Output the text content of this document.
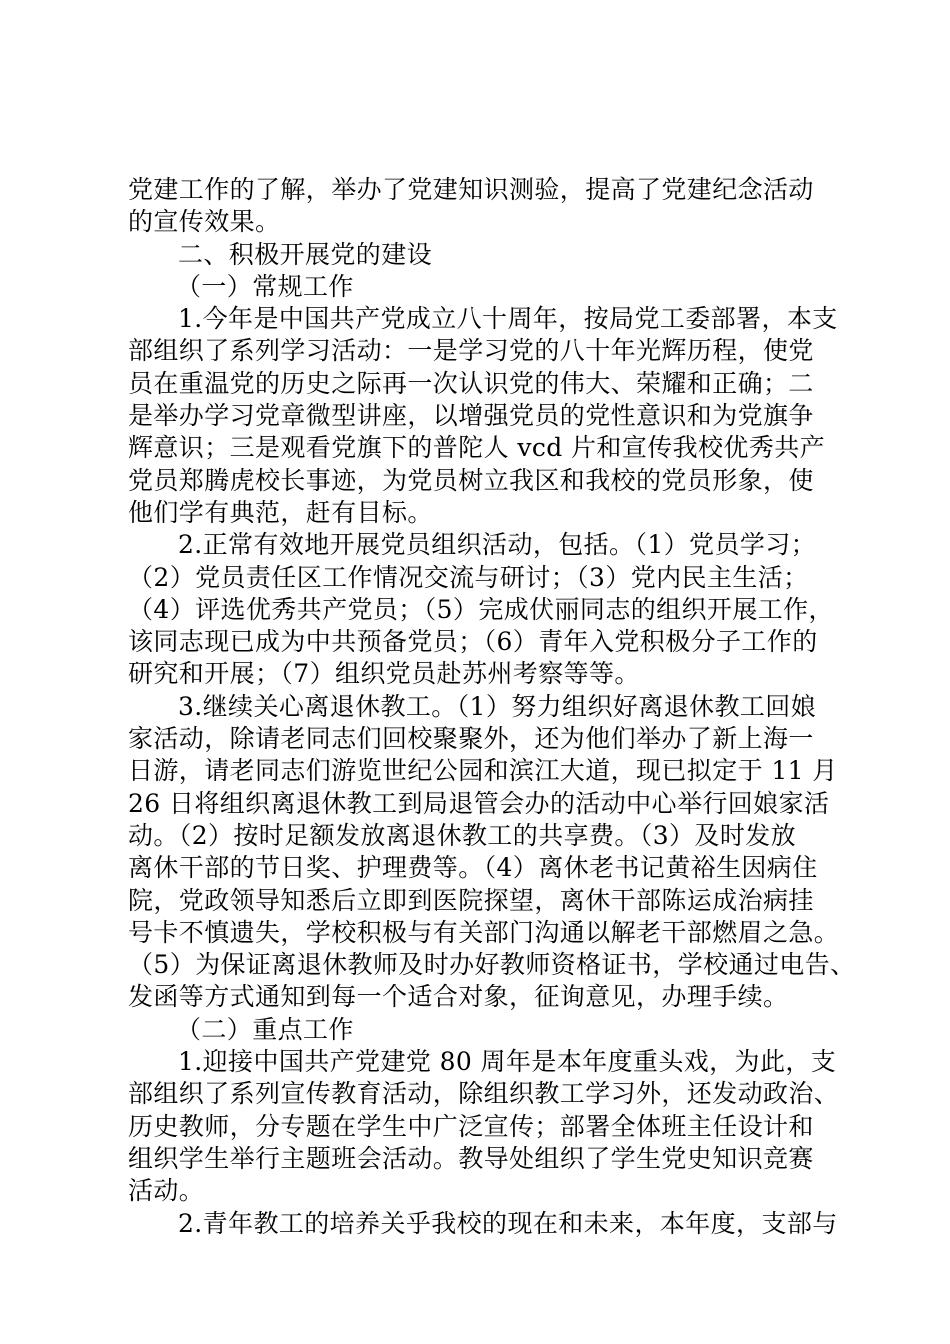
党建工作的了解，举办了党建知识测验，提高了党建纪念活动
的宣传效果。
二、积极开展党的建设
（一）常规工作
1.今年是中国共产党成立八十周年，按局党工委部署，本支
部组织了系列学习活动：一是学习党的八十年光辉历程，使党
员在重温党的历史之际再一次认识党的伟大、荣耀和正确；二
是举办学习党章微型讲座，以增强党员的党性意识和为党旗争
辉意识；三是观看党旗下的普陀人 vcd 片和宣传我校优秀共产
党员郑腾虎校长事迹，为党员树立我区和我校的党员形象，使
他们学有典范，赶有目标。
2.正常有效地开展党员组织活动，包括。（1）党员学习；
（2）党员责任区工作情况交流与研讨；（3）党内民主生活；
（4）评选优秀共产党员；（5）完成伏丽同志的组织开展工作，
该同志现已成为中共预备党员；（6）青年入党积极分子工作的
研究和开展；（7）组织党员赴苏州考察等等。
3.继续关心离退休教工。（1）努力组织好离退休教工回娘
家活动，除请老同志们回校聚聚外，还为他们举办了新上海一
日游，请老同志们游览世纪公园和滨江大道，现已拟定于 11 月
26 日将组织离退休教工到局退管会办的活动中心举行回娘家活
动。（2）按时足额发放离退休教工的共享费。（3）及时发放
离休干部的节日奖、护理费等。（4）离休老书记黄裕生因病住
院，党政领导知悉后立即到医院探望，离休干部陈运成治病挂
号卡不慎遗失，学校积极与有关部门沟通以解老干部燃眉之急。
（5）为保证离退休教师及时办好教师资格证书，学校通过电告、
发函等方式通知到每一个适合对象，征询意见，办理手续。
（二）重点工作
1.迎接中国共产党建党 80 周年是本年度重头戏，为此，支
部组织了系列宣传教育活动，除组织教工学习外，还发动政治、
历史教师，分专题在学生中广泛宣传；部署全体班主任设计和
组织学生举行主题班会活动。教导处组织了学生党史知识竞赛
活动。
2.青年教工的培养关乎我校的现在和未来，本年度，支部与
